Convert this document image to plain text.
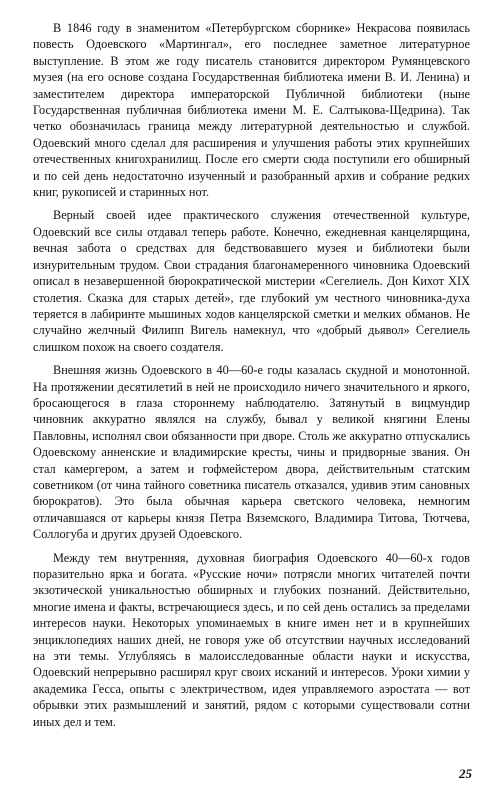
В 1846 году в знаменитом «Петербургском сборнике» Некрасова появилась повесть Одоевского «Мартингал», его последнее заметное литературное выступление. В этом же году писатель становится директором Румянцевского музея (на его основе создана Государственная библиотека имени В. И. Ленина) и заместителем директора императорской Публичной библиотеки (ныне Государственная публичная библиотека имени М. Е. Салтыкова-Щедрина). Так четко обозначилась граница между литературной деятельностью и службой. Одоевский много сделал для расширения и улучшения работы этих крупнейших отечественных книгохранилищ. После его смерти сюда поступили его обширный и по сей день недостаточно изученный и разобранный архив и собрание редких книг, рукописей и старинных нот.

Верный своей идее практического служения отечественной культуре, Одоевский все силы отдавал теперь работе. Конечно, ежедневная канцелярщина, вечная забота о средствах для бедствовавшего музея и библиотеки были изнурительным трудом. Свои страдания благонамеренного чиновника Одоевский описал в незавершенной бюрократической мистерии «Сегелиель. Дон Кихот XIX столетия. Сказка для старых детей», где глубокий ум честного чиновника-духа теряется в лабиринте мышиных ходов канцелярской сметки и мелких обманов. Не случайно желчный Филипп Вигель намекнул, что «добрый дьявол» Сегелиель слишком похож на своего создателя.

Внешняя жизнь Одоевского в 40—60-е годы казалась скудной и монотонной. На протяжении десятилетий в ней не происходило ничего значительного и яркого, бросающегося в глаза стороннему наблюдателю. Затянутый в вицмундир чиновник аккуратно являлся на службу, бывал у великой княгини Елены Павловны, исполнял свои обязанности при дворе. Столь же аккуратно отпускались Одоевскому анненские и владимирские кресты, чины и придворные звания. Он стал камергером, а затем и гофмейстером двора, действительным статским советником (от чина тайного советника писатель отказался, удивив этим сановных бюрократов). Это была обычная карьера светского человека, немногим отличавшаяся от карьеры князя Петра Вяземского, Владимира Титова, Тютчева, Соллогуба и других друзей Одоевского.

Между тем внутренняя, духовная биография Одоевского 40—60-х годов поразительно ярка и богата. «Русские ночи» потрясли многих читателей почти экзотической уникальностью обширных и глубоких познаний. Действительно, многие имена и факты, встречающиеся здесь, и по сей день остались за пределами интересов науки. Некоторых упоминаемых в книге имен нет и в крупнейших энциклопедиях наших дней, не говоря уже об отсутствии научных исследований на эти темы. Углубляясь в малоисследованные области науки и искусства, Одоевский непрерывно расширял круг своих исканий и интересов. Уроки химии у академика Гесса, опыты с электричеством, идея управляемого аэростата — вот обрывки этих размышлений и занятий, рядом с которыми существовали сотни иных дел и тем.

25
